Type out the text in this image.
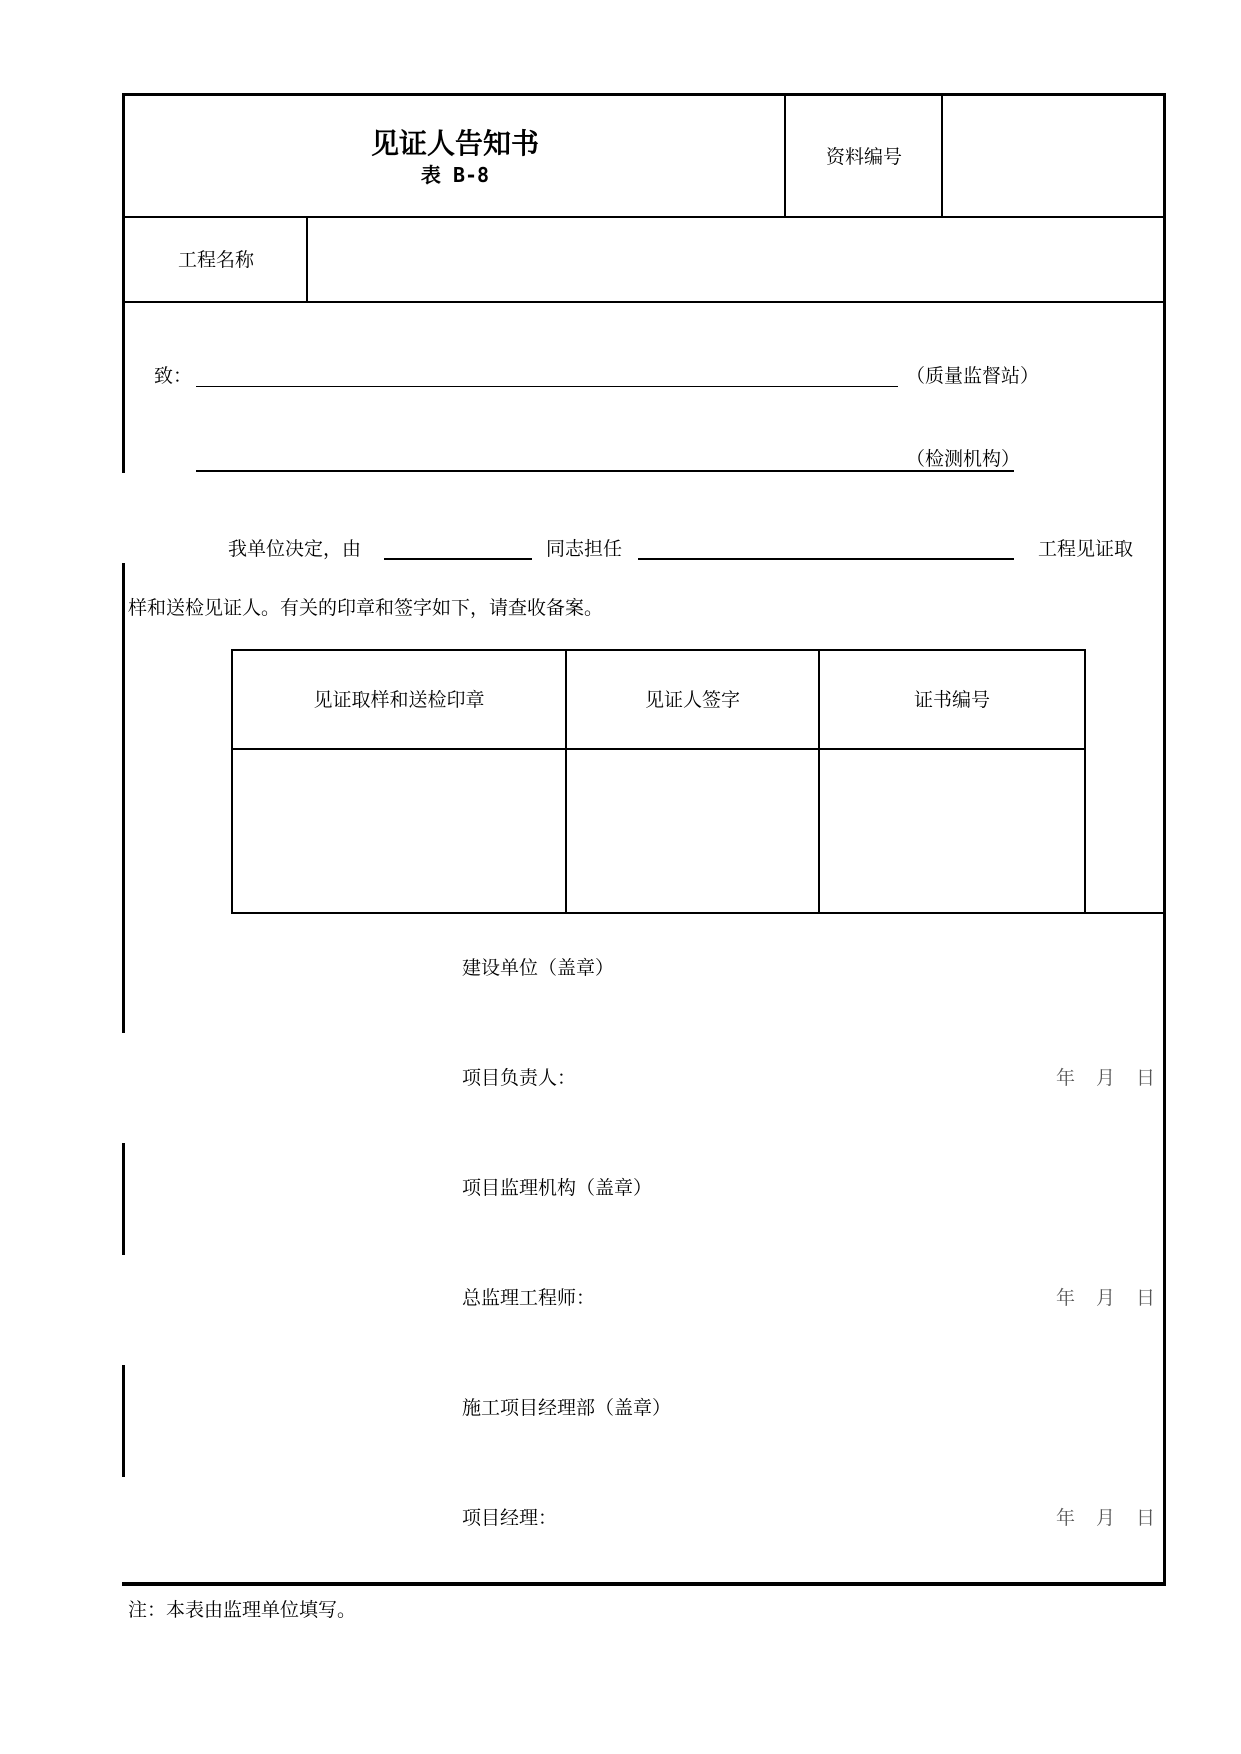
见证人告知书
表 B-8
资料编号
工程名称
致：	（质量监督站）
（检测机构）
我单位决定，由	同志担任	工程见证取
样和送检见证人。有关的印章和签字如下，请查收备案。
见证取样和送检印章	见证人签字	证书编号
建设单位（盖章）
项目负责人：	年 月 日
项目监理机构（盖章）
总监理工程师：	年 月 日
施工项目经理部（盖章）
项目经理：	年 月 日
注：本表由监理单位填写。
